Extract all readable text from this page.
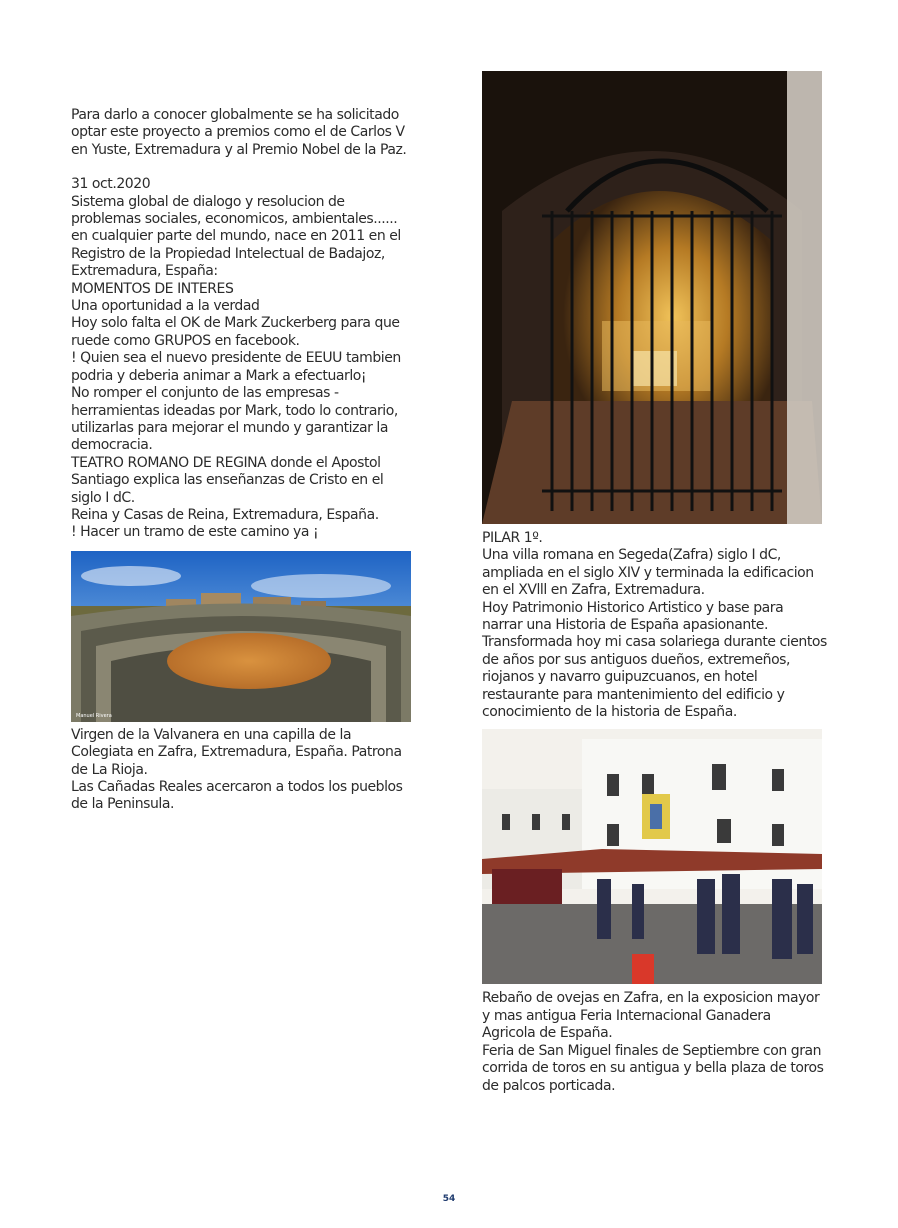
Para darlo a conocer globalmente se ha solicitado optar este proyecto a premios como el de Carlos V en Yuste, Extremadura y al Premio Nobel de la Paz.

31 oct.2020

Sistema global de dialogo y resolucion de problemas sociales, economicos, ambientales...... en cualquier parte del mundo, nace en 2011 en el Registro de la Propiedad Intelectual de Badajoz, Extremadura, España:

MOMENTOS DE INTERES

Una oportunidad a la verdad

Hoy solo falta el OK de Mark Zuckerberg para que ruede como GRUPOS en facebook.

! Quien sea el nuevo presidente de EEUU tambien podria y deberia animar a Mark a efectuarlo¡

No romper el conjunto de las empresas - herramientas ideadas por Mark, todo lo contrario, utilizarlas para mejorar el mundo y garantizar la democracia.

TEATRO ROMANO DE REGINA donde el Apostol Santiago explica las enseñanzas de Cristo en el siglo I dC.

Reina y Casas de Reina, Extremadura, España.

! Hacer un tramo de este camino ya ¡

Manuel Rivera

Virgen de la Valvanera en una capilla de la Colegiata en Zafra, Extremadura, España. Patrona de La Rioja.
Las Cañadas Reales acercaron a todos los pueblos de la Peninsula.

PILAR 1º.
Una villa romana en Segeda(Zafra) siglo I dC, ampliada en el siglo XIV y terminada la edificacion en el XVlll en Zafra, Extremadura.
Hoy Patrimonio Historico Artistico y base para narrar una Historia de España apasionante.
Transformada hoy mi casa solariega durante cientos de años por sus antiguos dueños, extremeños, riojanos y navarro guipuzcuanos, en hotel restaurante para mantenimiento del edificio y conocimiento de la historia de España.

Rebaño de ovejas en Zafra, en la exposicion mayor y mas antigua Feria Internacional Ganadera Agricola de España.
Feria de San Miguel finales de Septiembre con gran corrida de toros en su antigua y bella plaza de toros de palcos porticada.

54
